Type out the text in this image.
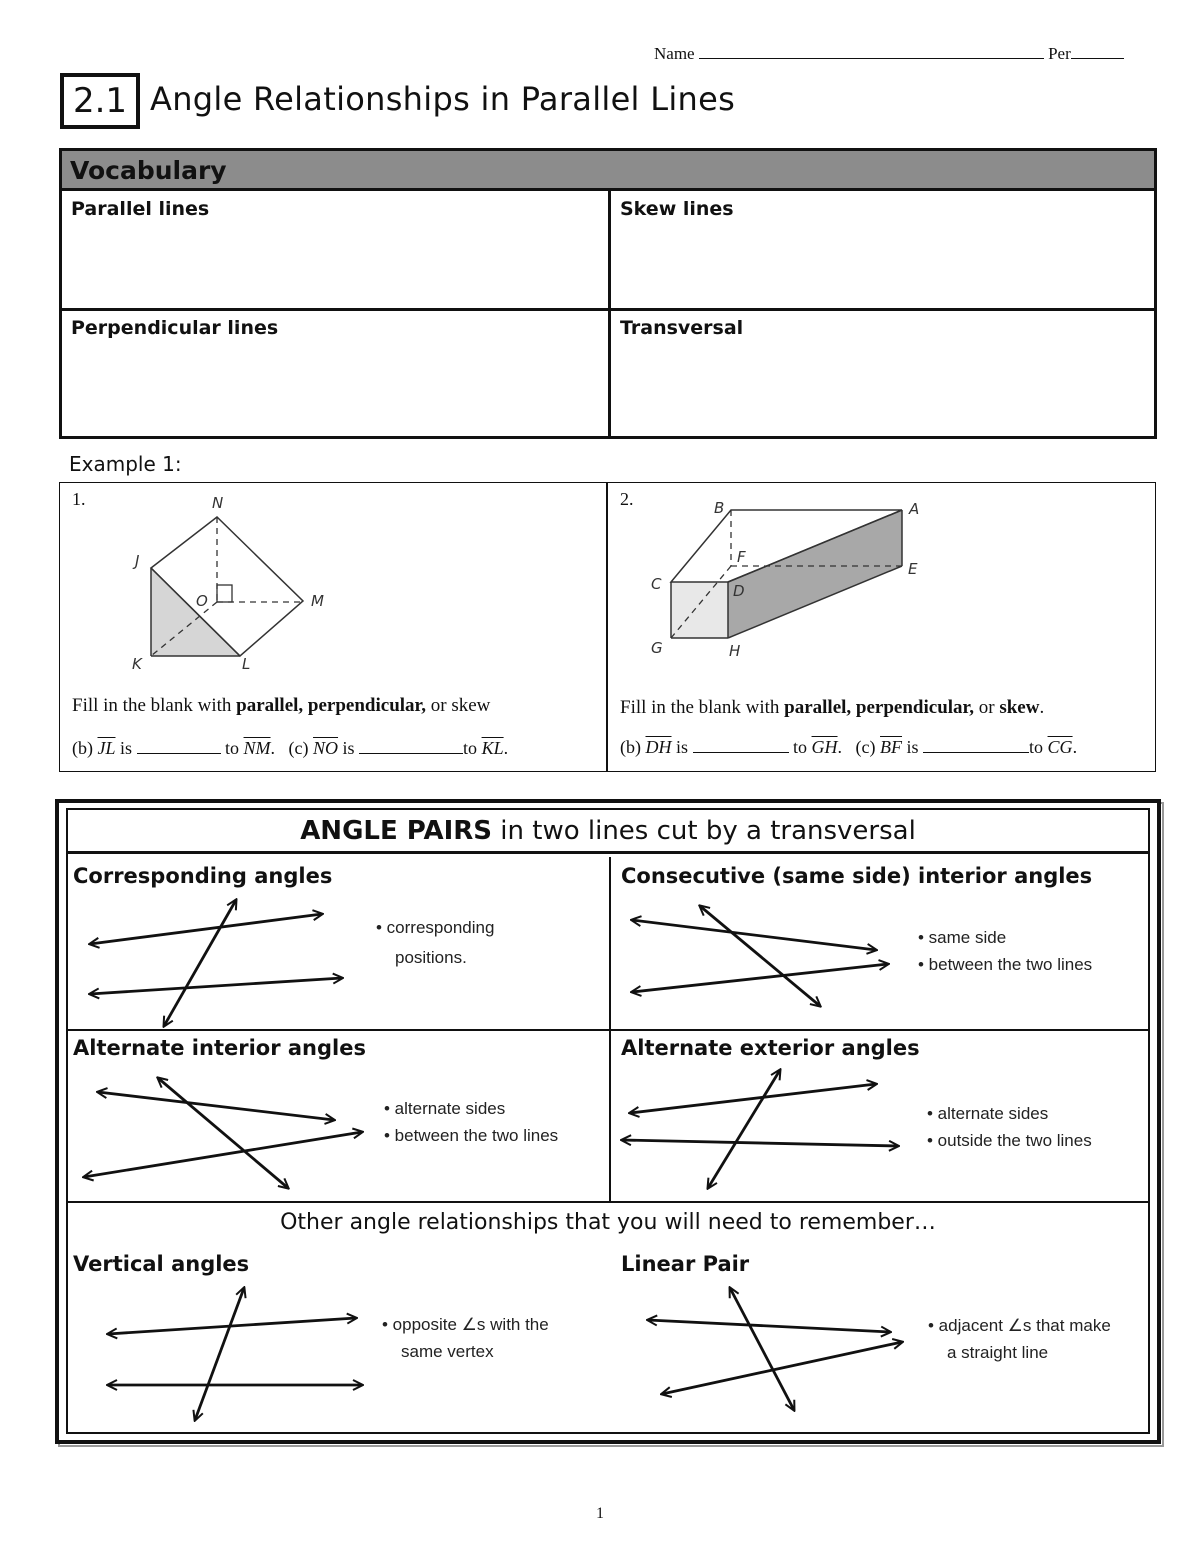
Name	Per
2.1 Angle Relationships in Parallel Lines
Vocabulary
Parallel lines	Skew lines
Perpendicular lines	Transversal
Example 1:
1.	N
J
O	M
K	L
Fill in the blank with parallel, perpendicular, or skew
(b) $\overline{JL}$ is	to $\overline{NM}$.   (c) $\overline{NO}$ is	to $\overline{KL}$.
2.	B	A
F
C	D
E
G	H
Fill in the blank with parallel, perpendicular, or skew.
(b) $\overline{DH}$ is	to $\overline{GH}$.   (c) $\overline{BF}$ is	to $\overline{CG}$.
ANGLE PAIRS in two lines cut by a transversal
Corresponding angles	Consecutive (same side) interior angles
Alternate interior angles	Alternate exterior angles
• corresponding
positions.
• same side
• between the two lines
• alternate sides
• between the two lines
• alternate sides
• outside the two lines
Other angle relationships that you will need to remember…
Vertical angles	Linear Pair
• opposite ∠s with the
same vertex
• adjacent ∠s that make
a straight line
1
